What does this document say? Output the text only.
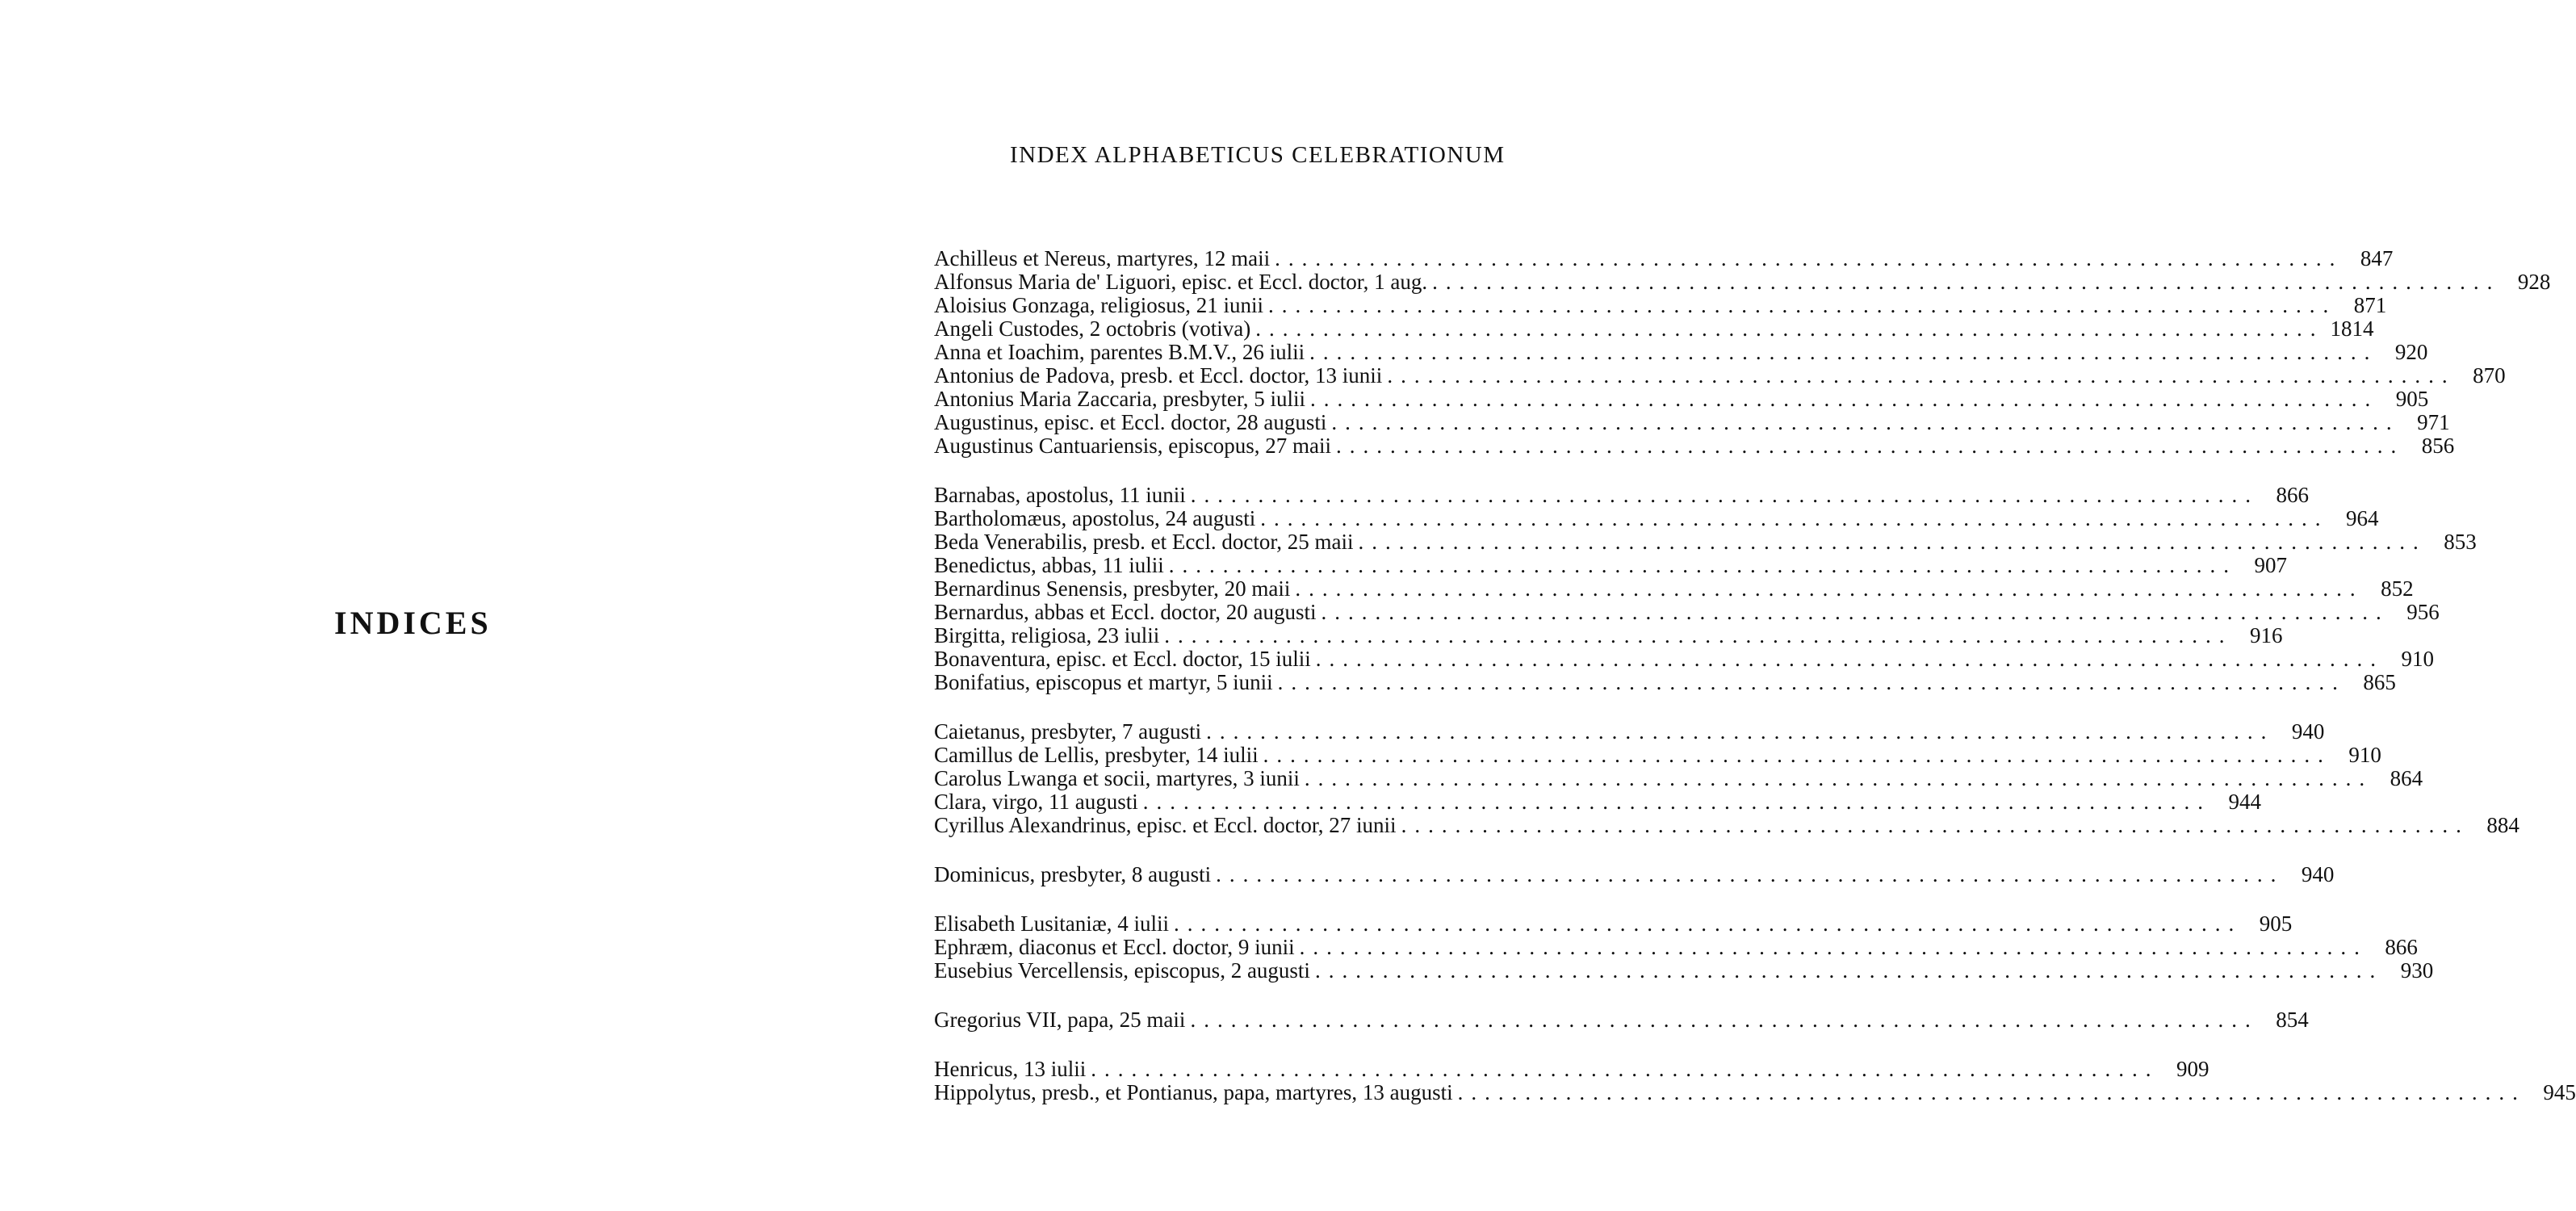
INDICES
INDEX ALPHABETICUS CELEBRATIONUM
Achilleus et Nereus, martyres, 12 maii ............................................................................... 847
Alfonsus Maria de' Liguori, episc. et Eccl. doctor, 1 aug. ............................................................................... 928
Aloisius Gonzaga, religiosus, 21 iunii ............................................................................... 871
Angeli Custodes, 2 octobris (votiva) ............................................................................... 1814
Anna et Ioachim, parentes B.M.V., 26 iulii ............................................................................... 920
Antonius de Padova, presb. et Eccl. doctor, 13 iunii ............................................................................... 870
Antonius Maria Zaccaria, presbyter, 5 iulii ............................................................................... 905
Augustinus, episc. et Eccl. doctor, 28 augusti ............................................................................... 971
Augustinus Cantuariensis, episcopus, 27 maii ............................................................................... 856
Barnabas, apostolus, 11 iunii ............................................................................... 866
Bartholomæus, apostolus, 24 augusti ............................................................................... 964
Beda Venerabilis, presb. et Eccl. doctor, 25 maii ............................................................................... 853
Benedictus, abbas, 11 iulii ............................................................................... 907
Bernardinus Senensis, presbyter, 20 maii ............................................................................... 852
Bernardus, abbas et Eccl. doctor, 20 augusti ............................................................................... 956
Birgitta, religiosa, 23 iulii ............................................................................... 916
Bonaventura, episc. et Eccl. doctor, 15 iulii ............................................................................... 910
Bonifatius, episcopus et martyr, 5 iunii ............................................................................... 865
Caietanus, presbyter, 7 augusti ............................................................................... 940
Camillus de Lellis, presbyter, 14 iulii ............................................................................... 910
Carolus Lwanga et socii, martyres, 3 iunii ............................................................................... 864
Clara, virgo, 11 augusti ............................................................................... 944
Cyrillus Alexandrinus, episc. et Eccl. doctor, 27 iunii ............................................................................... 884
Dominicus, presbyter, 8 augusti ............................................................................... 940
Elisabeth Lusitaniæ, 4 iulii ............................................................................... 905
Ephræm, diaconus et Eccl. doctor, 9 iunii ............................................................................... 866
Eusebius Vercellensis, episcopus, 2 augusti ............................................................................... 930
Gregorius VII, papa, 25 maii ............................................................................... 854
Henricus, 13 iulii ............................................................................... 909
Hippolytus, presb., et Pontianus, papa, martyres, 13 augusti ............................................................................... 945
